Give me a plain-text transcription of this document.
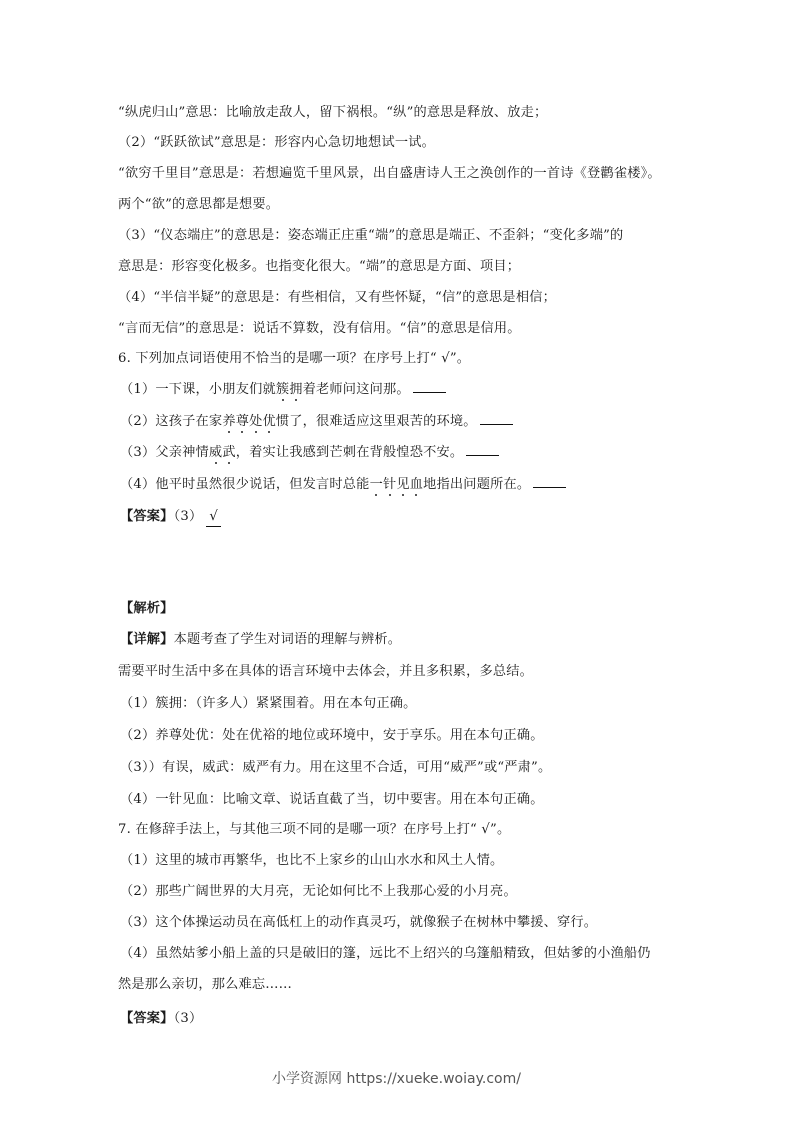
“纵虎归山”意思：比喻放走敌人，留下祸根。“纵”的意思是释放、放走；
（2）“跃跃欲试”意思是：形容内心急切地想试一试。
“欲穷千里目”意思是：若想遍览千里风景，出自盛唐诗人王之涣创作的一首诗《登鹳雀楼》。
两个“欲”的意思都是想要。
（3）“仪态端庄”的意思是：姿态端正庄重“端”的意思是端正、不歪斜；“变化多端”的
意思是：形容变化极多。也指变化很大。“端”的意思是方面、项目；
（4）“半信半疑”的意思是：有些相信，又有些怀疑，“信”的意思是相信；
“言而无信”的意思是：说话不算数，没有信用。“信”的意思是信用。
6. 下列加点词语使用不恰当的是哪一项？在序号上打“ √”。
（1）一下课，小朋友们就簇拥着老师问这问那。
（2）这孩子在家养尊处优惯了，很难适应这里艰苦的环境。
（3）父亲神情威武，着实让我感到芒刺在背般惶恐不安。
（4）他平时虽然很少说话，但发言时总能一针见血地指出问题所在。
【答案】（3） √
【解析】
【详解】本题考查了学生对词语的理解与辨析。
需要平时生活中多在具体的语言环境中去体会，并且多积累，多总结。
（1）簇拥：（许多人）紧紧围着。用在本句正确。
（2）养尊处优：处在优裕的地位或环境中，安于享乐。用在本句正确。
（3））有误，威武：威严有力。用在这里不合适，可用“威严”或“严肃”。
（4）一针见血：比喻文章、说话直截了当，切中要害。用在本句正确。
7. 在修辞手法上，与其他三项不同的是哪一项？在序号上打“ √”。
（1）这里的城市再繁华，也比不上家乡的山山水水和风土人情。
（2）那些广阔世界的大月亮，无论如何比不上我那心爱的小月亮。
（3）这个体操运动员在高低杠上的动作真灵巧，就像猴子在树林中攀援、穿行。
（4）虽然姑爹小船上盖的只是破旧的篷，远比不上绍兴的乌篷船精致，但姑爹的小渔船仍
然是那么亲切，那么难忘……
【答案】（3）
小学资源网 https://xueke.woiay.com/
